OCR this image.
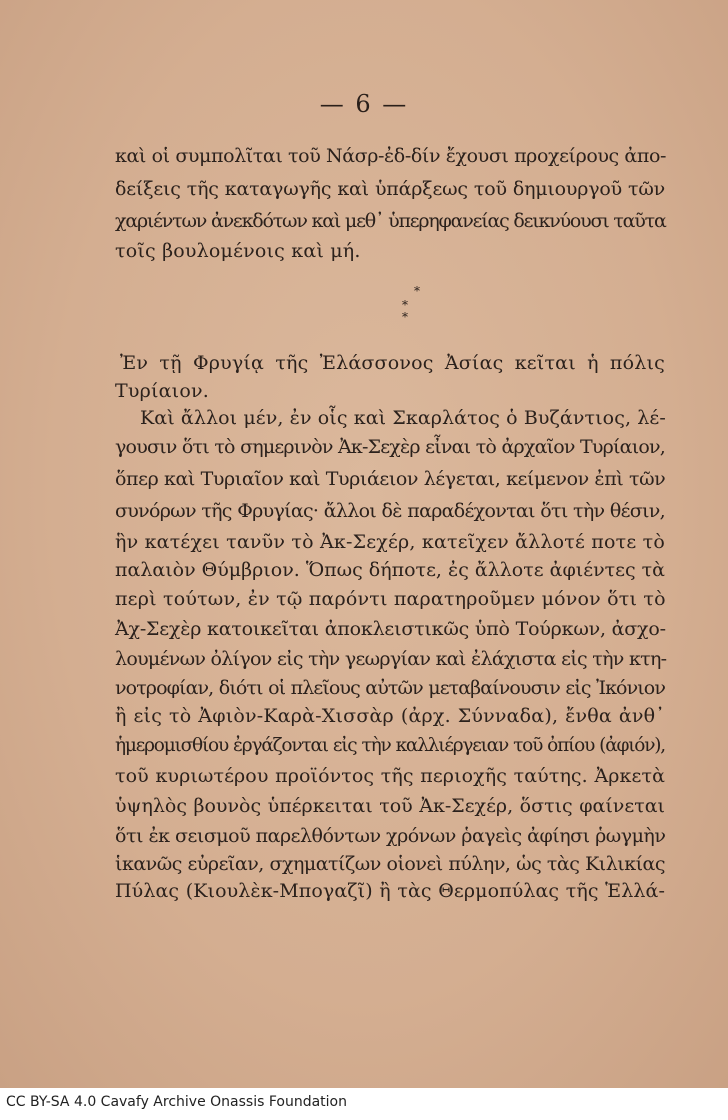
— 6 —
καὶ οἱ συμπολῖται τοῦ Νάσρ-ἐδ-δίν ἔχουσι προχείρους ἀπο-
δείξεις τῆς καταγωγῆς καὶ ὑπάρξεως τοῦ δημιουργοῦ τῶν
χαριέντων ἀνεκδότων καὶ μεθ᾽ ὑπερηφανείας δεικνύουσι ταῦτα
τοῖς βουλομένοις καὶ μή.
*
* *
Ἐν τῇ Φρυγίᾳ τῆς Ἐλάσσονος Ἀσίας κεῖται ἡ πόλις
Τυρίαιον.
Καὶ ἄλλοι μέν, ἐν οἷς καὶ Σκαρλάτος ὁ Βυζάντιος, λέ-
γουσιν ὅτι τὸ σημερινὸν Ἀκ-Σεχὲρ εἶναι τὸ ἀρχαῖον Τυρίαιον,
ὅπερ καὶ Τυριαῖον καὶ Τυριάειον λέγεται, κείμενον ἐπὶ τῶν
συνόρων τῆς Φρυγίας· ἄλλοι δὲ παραδέχονται ὅτι τὴν θέσιν,
ἣν κατέχει τανῦν τὸ Ἀκ-Σεχέρ, κατεῖχεν ἄλλοτέ ποτε τὸ
παλαιὸν Θύμβριον. Ὅπως δήποτε, ἐς ἄλλοτε ἀφιέντες τὰ
περὶ τούτων, ἐν τῷ παρόντι παρατηροῦμεν μόνον ὅτι τὸ
Ἀχ-Σεχὲρ κατοικεῖται ἀποκλειστικῶς ὑπὸ Τούρκων, ἀσχο-
λουμένων ὀλίγον εἰς τὴν γεωργίαν καὶ ἐλάχιστα εἰς τὴν κτη-
νοτροφίαν, διότι οἱ πλεῖους αὐτῶν μεταβαίνουσιν εἰς Ἰκόνιον
ἢ εἰς τὸ Ἀφιὸν-Καρὰ-Χισσὰρ (ἀρχ. Σύνναδα), ἔνθα ἀνθ᾽
ἡμερομισθίου ἐργάζονται εἰς τὴν καλλιέργειαν τοῦ ὀπίου (ἀφιόν),
τοῦ κυριωτέρου προϊόντος τῆς περιοχῆς ταύτης. Ἀρκετὰ
ὑψηλὸς βουνὸς ὑπέρκειται τοῦ Ἀκ-Σεχέρ, ὅστις φαίνεται
ὅτι ἐκ σεισμοῦ παρελθόντων χρόνων ῥαγεὶς ἀφίησι ῥωγμὴν
ἱκανῶς εὐρεῖαν, σχηματίζων οἱονεὶ πύλην, ὡς τὰς Κιλικίας
Πύλας (Κιουλὲκ-Μπογαζῖ) ἢ τὰς Θερμοπύλας τῆς Ἑλλά-
CC BY-SA 4.0 Cavafy Archive Onassis Foundation
